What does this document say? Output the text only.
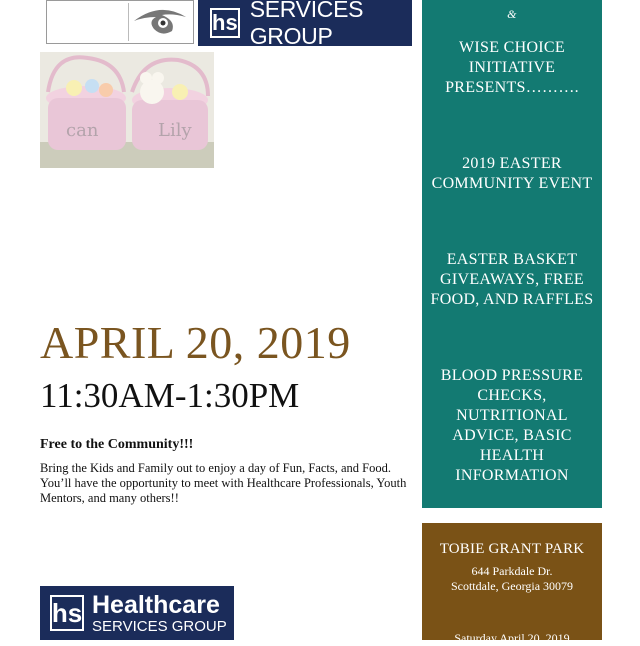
hs
SERVICES GROUP
can	Lily
APRIL 20, 2019
11:30AM-1:30PM
Free to the Community!!!
Bring the Kids and Family out to enjoy a day of Fun, Facts, and Food. You’ll have the opportunity to meet with Healthcare Professionals, Youth Mentors, and many others!!
hs Healthcare
SERVICES GROUP
&
WISE CHOICE
INITIATIVE
PRESENTS……….
2019 EASTER
COMMUNITY EVENT
EASTER BASKET
GIVEAWAYS, FREE
FOOD, AND RAFFLES
BLOOD PRESSURE
CHECKS,
NUTRITIONAL
ADVICE, BASIC
HEALTH
INFORMATION
TOBIE GRANT PARK
644 Parkdale Dr.
Scottdale, Georgia 30079
Saturday April 20, 2019
